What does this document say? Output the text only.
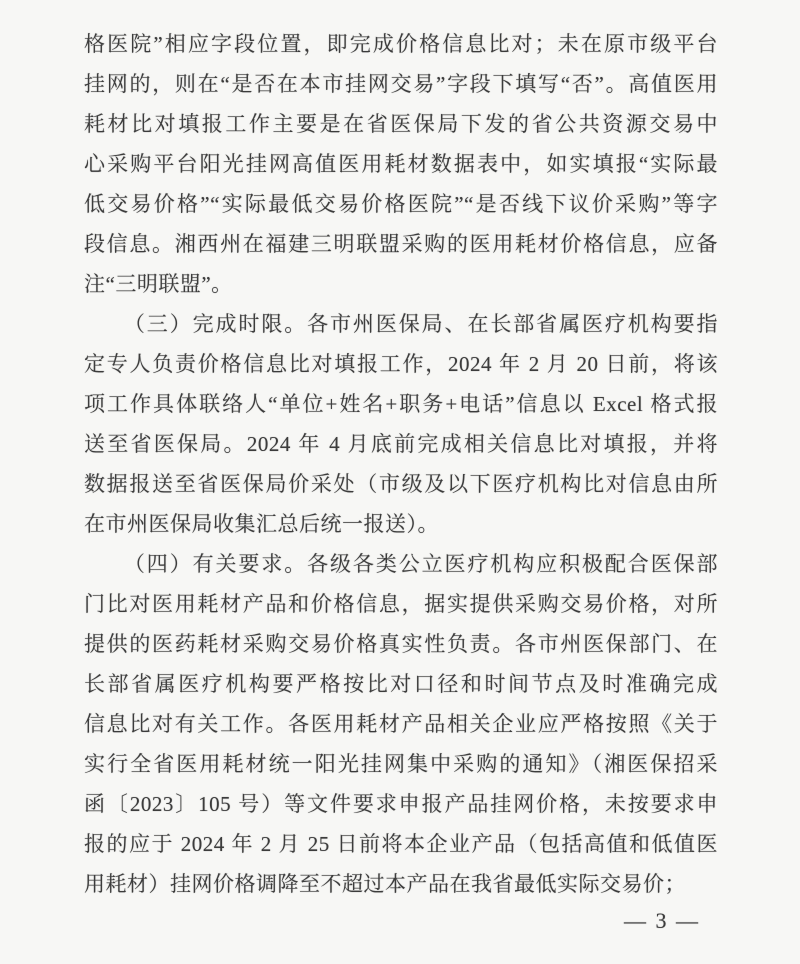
格医院”相应字段位置，即完成价格信息比对；未在原市级平台
挂网的，则在“是否在本市挂网交易”字段下填写“否”。高值医用
耗材比对填报工作主要是在省医保局下发的省公共资源交易中
心采购平台阳光挂网高值医用耗材数据表中，如实填报“实际最
低交易价格”“实际最低交易价格医院”“是否线下议价采购”等字
段信息。湘西州在福建三明联盟采购的医用耗材价格信息，应备
注“三明联盟”。
（三）完成时限。各市州医保局、在长部省属医疗机构要指
定专人负责价格信息比对填报工作，2024 年 2 月 20 日前，将该
项工作具体联络人“单位+姓名+职务+电话”信息以 Excel 格式报
送至省医保局。2024 年 4 月底前完成相关信息比对填报，并将
数据报送至省医保局价采处（市级及以下医疗机构比对信息由所
在市州医保局收集汇总后统一报送）。
（四）有关要求。各级各类公立医疗机构应积极配合医保部
门比对医用耗材产品和价格信息，据实提供采购交易价格，对所
提供的医药耗材采购交易价格真实性负责。各市州医保部门、在
长部省属医疗机构要严格按比对口径和时间节点及时准确完成
信息比对有关工作。各医用耗材产品相关企业应严格按照《关于
实行全省医用耗材统一阳光挂网集中采购的通知》（湘医保招采
函〔2023〕105 号）等文件要求申报产品挂网价格，未按要求申
报的应于 2024 年 2 月 25 日前将本企业产品（包括高值和低值医
用耗材）挂网价格调降至不超过本产品在我省最低实际交易价；
— 3 —
